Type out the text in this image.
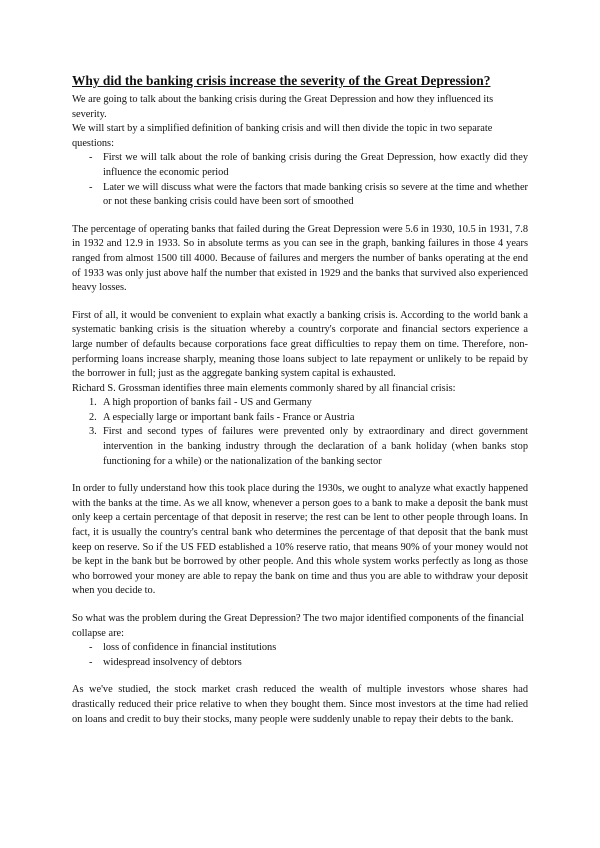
Why did the banking crisis increase the severity of the Great Depression?

We are going to talk about the banking crisis during the Great Depression and how they influenced its severity.

We will start by a simplified definition of banking crisis and will then divide the topic in two separate questions:

- First we will talk about the role of banking crisis during the Great Depression, how exactly did they influence the economic period
- Later we will discuss what were the factors that made banking crisis so severe at the time and whether or not these banking crisis could have been sort of smoothed

The percentage of operating banks that failed during the Great Depression were 5.6 in 1930, 10.5 in 1931, 7.8 in 1932 and 12.9 in 1933. So in absolute terms as you can see in the graph, banking failures in those 4 years ranged from almost 1500 till 4000. Because of failures and mergers the number of banks operating at the end of 1933 was only just above half the number that existed in 1929 and the banks that survived also experienced heavy losses.

First of all, it would be convenient to explain what exactly a banking crisis is. According to the world bank a systematic banking crisis is the situation whereby a country's corporate and financial sectors experience a large number of defaults because corporations face great difficulties to repay them on time. Therefore, non-performing loans increase sharply, meaning those loans subject to late repayment or unlikely to be repaid by the borrower in full; just as the aggregate banking system capital is exhausted.

Richard S. Grossman identifies three main elements commonly shared by all financial crisis:

1. A high proportion of banks fail - US and Germany
2. A especially large or important bank fails - France or Austria
3. First and second types of failures were prevented only by extraordinary and direct government intervention in the banking industry through the declaration of a bank holiday (when banks stop functioning for a while) or the nationalization of the banking sector

In order to fully understand how this took place during the 1930s, we ought to analyze what exactly happened with the banks at the time. As we all know, whenever a person goes to a bank to make a deposit the bank must only keep a certain percentage of that deposit in reserve; the rest can be lent to other people through loans. In fact, it is usually the country's central bank who determines the percentage of that deposit that the bank must keep on reserve. So if the US FED established a 10% reserve ratio, that means 90% of your money would not be kept in the bank but be borrowed by other people. And this whole system works perfectly as long as those who borrowed your money are able to repay the bank on time and thus you are able to withdraw your deposit when you decide to.

So what was the problem during the Great Depression? The two major identified components of the financial collapse are:

- loss of confidence in financial institutions
- widespread insolvency of debtors

As we've studied, the stock market crash reduced the wealth of multiple investors whose shares had drastically reduced their price relative to when they bought them. Since most investors at the time had relied on loans and credit to buy their stocks, many people were suddenly unable to repay their debts to the bank.
